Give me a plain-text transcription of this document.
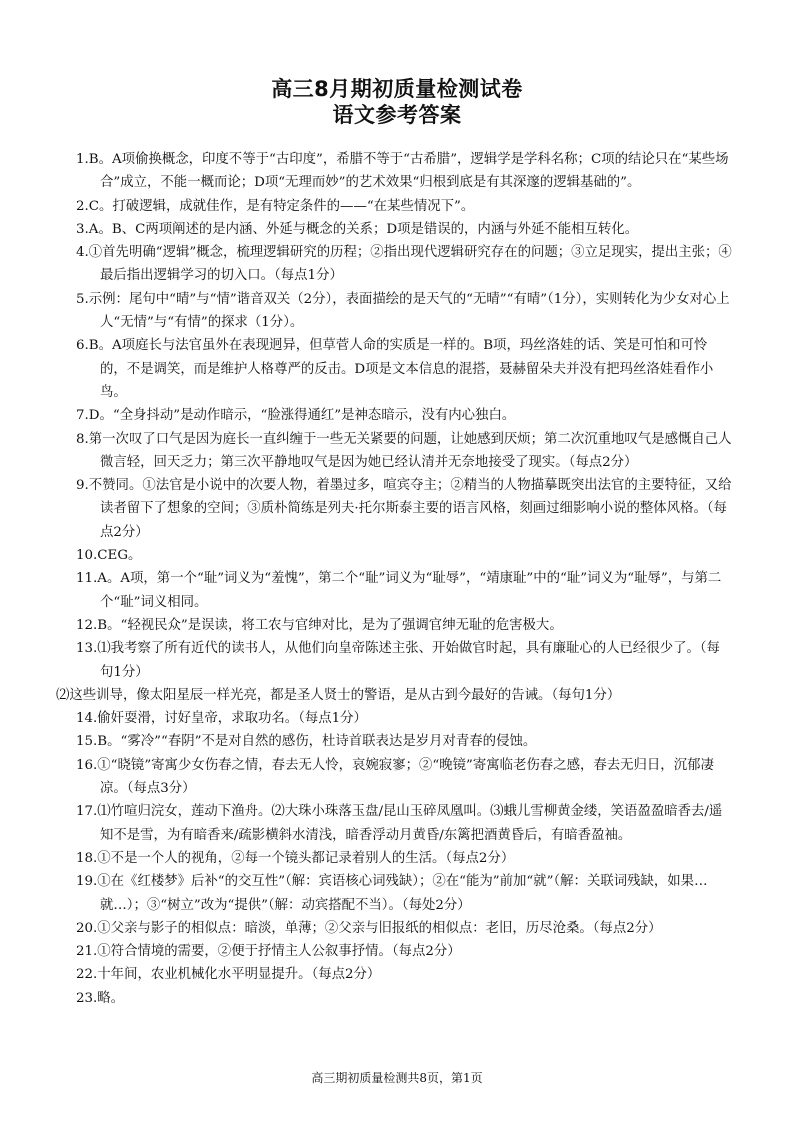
高三8月期初质量检测试卷
语文参考答案

1.B。A项偷换概念，印度不等于“古印度”，希腊不等于“古希腊”，逻辑学是学科名称；C项的结论只在“某些场合”成立，不能一概而论；D项“无理而妙”的艺术效果“归根到底是有其深邃的逻辑基础的”。

2.C。打破逻辑，成就佳作，是有特定条件的——“在某些情况下”。

3.A。B、C两项阐述的是内涵、外延与概念的关系；D项是错误的，内涵与外延不能相互转化。

4.①首先明确“逻辑”概念，梳理逻辑研究的历程；②指出现代逻辑研究存在的问题；③立足现实，提出主张；④最后指出逻辑学习的切入口。（每点1分）

5.示例：尾句中“晴”与“情”谐音双关（2分），表面描绘的是天气的“无晴”“有晴”（1分），实则转化为少女对心上人“无情”与“有情”的探求（1分）。

6.B。A项庭长与法官虽外在表现迥异，但草菅人命的实质是一样的。B项，玛丝洛娃的话、笑是可怕和可怜的，不是调笑，而是维护人格尊严的反击。D项是文本信息的混搭，聂赫留朵夫并没有把玛丝洛娃看作小鸟。

7.D。“全身抖动”是动作暗示，“脸涨得通红”是神态暗示，没有内心独白。

8.第一次叹了口气是因为庭长一直纠缠于一些无关紧要的问题，让她感到厌烦；第二次沉重地叹气是感慨自己人微言轻，回天乏力；第三次平静地叹气是因为她已经认清并无奈地接受了现实。（每点2分）

9.不赞同。①法官是小说中的次要人物，着墨过多，喧宾夺主；②精当的人物描摹既突出法官的主要特征，又给读者留下了想象的空间；③质朴简练是列夫·托尔斯泰主要的语言风格，刻画过细影响小说的整体风格。（每点2分）

10.CEG。

11.A。A项，第一个“耻”词义为“羞愧”，第二个“耻”词义为“耻辱”，“靖康耻”中的“耻”词义为“耻辱”，与第二个“耻”词义相同。

12.B。“轻视民众”是误读，将工农与官绅对比，是为了强调官绅无耻的危害极大。

13.⑴我考察了所有近代的读书人，从他们向皇帝陈述主张、开始做官时起，具有廉耻心的人已经很少了。（每句1分）

⑵这些训导，像太阳星辰一样光亮，都是圣人贤士的警语，是从古到今最好的告诫。（每句1分）

14.偷奸耍滑，讨好皇帝，求取功名。（每点1分）

15.B。“雾冷”“春阴”不是对自然的感伤，杜诗首联表达是岁月对青春的侵蚀。

16.①“晓镜”寄寓少女伤春之情，春去无人怜，哀婉寂寥；②“晚镜”寄寓临老伤春之感，春去无归日，沉郁凄凉。（每点3分）

17.⑴竹喧归浣女，莲动下渔舟。⑵大珠小珠落玉盘/昆山玉碎凤凰叫。⑶蛾儿雪柳黄金缕，笑语盈盈暗香去/遥知不是雪，为有暗香来/疏影横斜水清浅，暗香浮动月黄昏/东篱把酒黄昏后，有暗香盈袖。

18.①不是一个人的视角，②每一个镜头都记录着别人的生活。（每点2分）

19.①在《红楼梦》后补“的交互性”（解：宾语核心词残缺）；②在“能为”前加“就”（解：关联词残缺，如果…就…）；③“树立”改为“提供”（解：动宾搭配不当）。（每处2分）

20.①父亲与影子的相似点：暗淡，单薄；②父亲与旧报纸的相似点：老旧，历尽沧桑。（每点2分）

21.①符合情境的需要，②便于抒情主人公叙事抒情。（每点2分）

22.十年间，农业机械化水平明显提升。（每点2分）

23.略。

高三期初质量检测共8页，第1页
